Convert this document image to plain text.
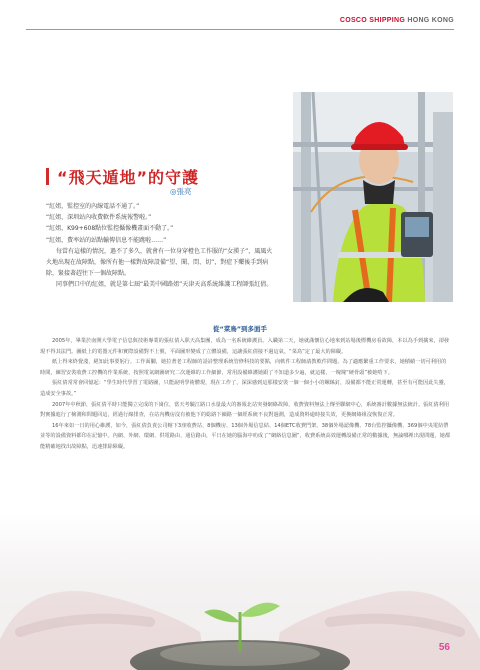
COSCO SHIPPING HONG KONG
“飛天遁地”的守護
◎張亮

“紅姐，監控室的內線電話不通了。”

“紅姐，深圳站內收費軟件系統報警啦。”

“紅姐，K99+608點位監控攝像機畫面不動了。”

“紅姐，費率站的站點輸傳信息不能跳啦……”

每當有這樣的情況，過不了多久，就會有一位身穿橙色工作服的“女漢子”，風風火火地出現在故障點，像所有他一樣對故障設備“望、聞、問、切”，對症下藥後手到病除，緊接著趕往下一個故障點。

同事們口中的紅姐，就是第七屆“最美中國路姐”天津天高系統維護工程師張紅倩。

從“菜鳥”到多面手

2005年，畢業於南開大學電子信息與技術專業的張紅倩入职天高集團，成為一名系統維護員。入職第二天，她就滿懷信心地來到站場後標機房看故障，本以為手到擒來，卻發現不得其法門。圖紙上的電器元件和實際設備對不上號，平面圖形變成了立體設備，這讓張紅倩接不過這氣。“菜鳥”定了最大的障礙。

紙上得來終覺淺，絕知此事要躬行。工作面腳，她拉著老工程師的話詩整理系統管修科技的要點，向軟件工程師請教軟件問題。為了適應繁重工作要求，她積績一切可利用的時間，練習安裝收費工控機的作業系統，按照電氣網圖研究二次運維的工作細節，常用設備維護她跟了不知道多少遍，就這樣，一塊塊“硬骨頭”被她啃下。

張紅倩常常會回憶起：“學生時代學習了電路圖，只能說明學術體現，現在工作了，深深感到這那樣安裝一個一個小小的螺絲釘，設備都不能正常運轉，甚至有可能因此失靈，造成安全事故。”

2007年中秋節，張紅倩平時只能獨立完成的下崗位，當天考驗江路口水量最大的審報北站突發網絡故障，收費資料無法上傳至聯網中心，系統審計數據無法統計。張紅倩利用對實據進行了檢測和問題回這，經過行線排查，在站內機房沒有被他下的総路下續路一個經系統不良對過測，造成資料逾時接失效，更換網絡組沒恢復正常。

16年來如一日的用心維護，如今，張紅倩負責公司轄下3座收費站、8個機房、13個外場信息結、14個ETC收費門架、38個外場認像機、78台監控攝像機、369個中央電紡帶並等的設備資料都印在記憶中。內網、外網、環網、供電路由、通信路由，平日在她的腦海中叻成了“網絡信息圖”，收費系統高效運轉設備正常的數據後，無論哪裡出現問題，她都能精確地找出故障點，迅速排除障礙。

56
